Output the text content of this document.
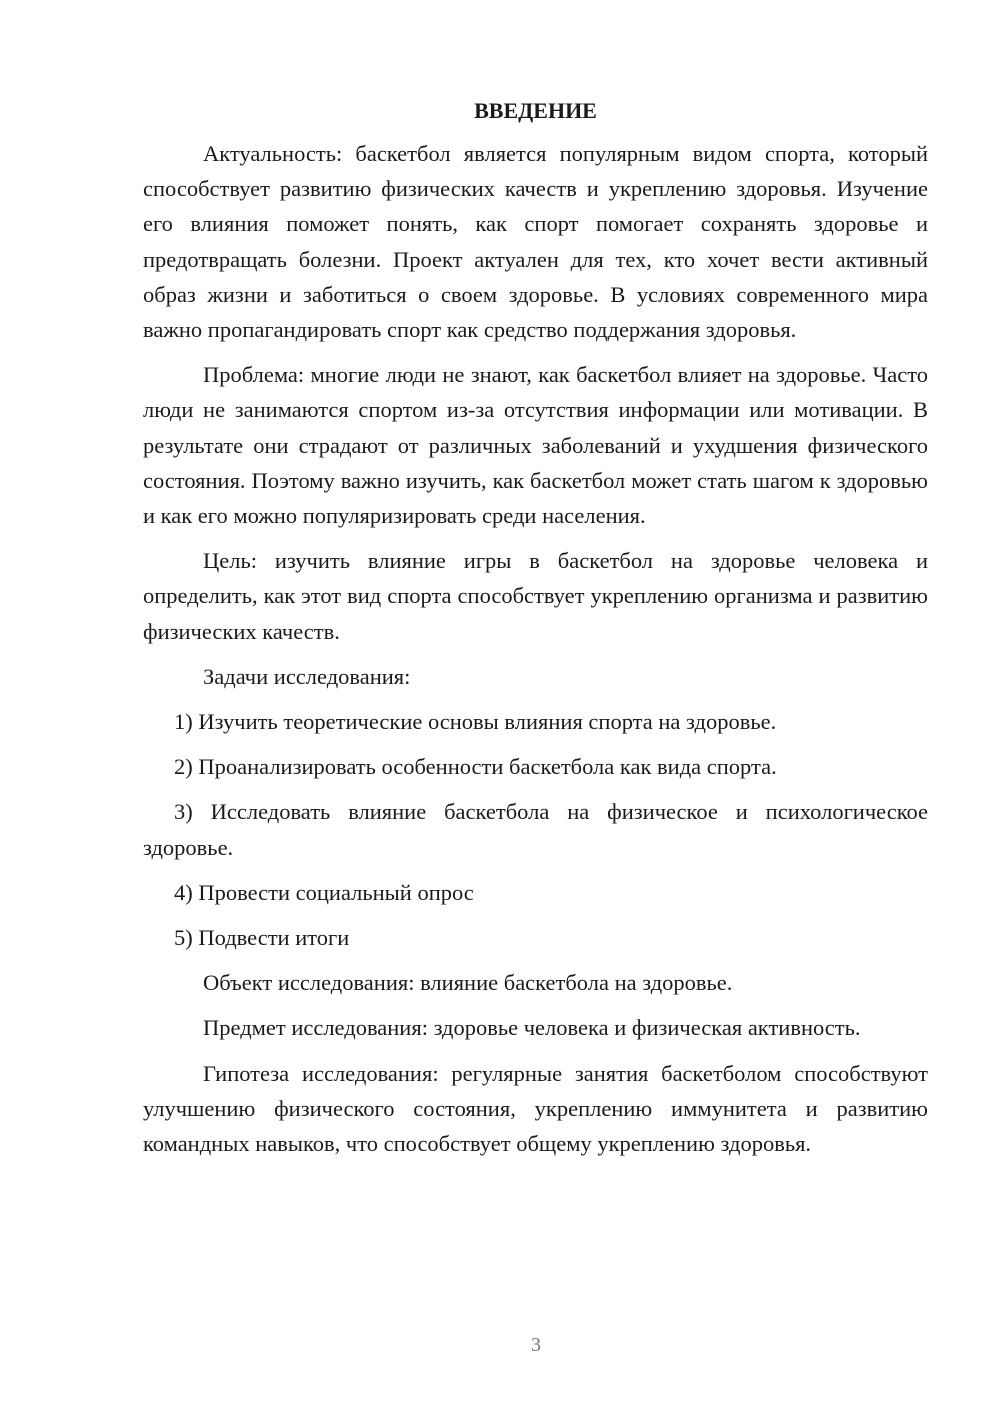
ВВЕДЕНИЕ

Актуальность: баскетбол является популярным видом спорта, который способствует развитию физических качеств и укреплению здоровья. Изучение его влияния поможет понять, как спорт помогает сохранять здоровье и предотвращать болезни. Проект актуален для тех, кто хочет вести активный образ жизни и заботиться о своем здоровье. В условиях современного мира важно пропагандировать спорт как средство поддержания здоровья.

Проблема: многие люди не знают, как баскетбол влияет на здоровье. Часто люди не занимаются спортом из-за отсутствия информации или мотивации. В результате они страдают от различных заболеваний и ухудшения физического состояния. Поэтому важно изучить, как баскетбол может стать шагом к здоровью и как его можно популяризировать среди населения.

Цель: изучить влияние игры в баскетбол на здоровье человека и определить, как этот вид спорта способствует укреплению организма и развитию физических качеств.

Задачи исследования:

1) Изучить теоретические основы влияния спорта на здоровье.

2) Проанализировать особенности баскетбола как вида спорта.

3) Исследовать влияние баскетбола на физическое и психологическое здоровье.

4) Провести социальный опрос

5) Подвести итоги

Объект исследования: влияние баскетбола на здоровье.

Предмет исследования: здоровье человека и физическая активность.

Гипотеза исследования: регулярные занятия баскетболом способствуют улучшению физического состояния, укреплению иммунитета и развитию командных навыков, что способствует общему укреплению здоровья.

3
